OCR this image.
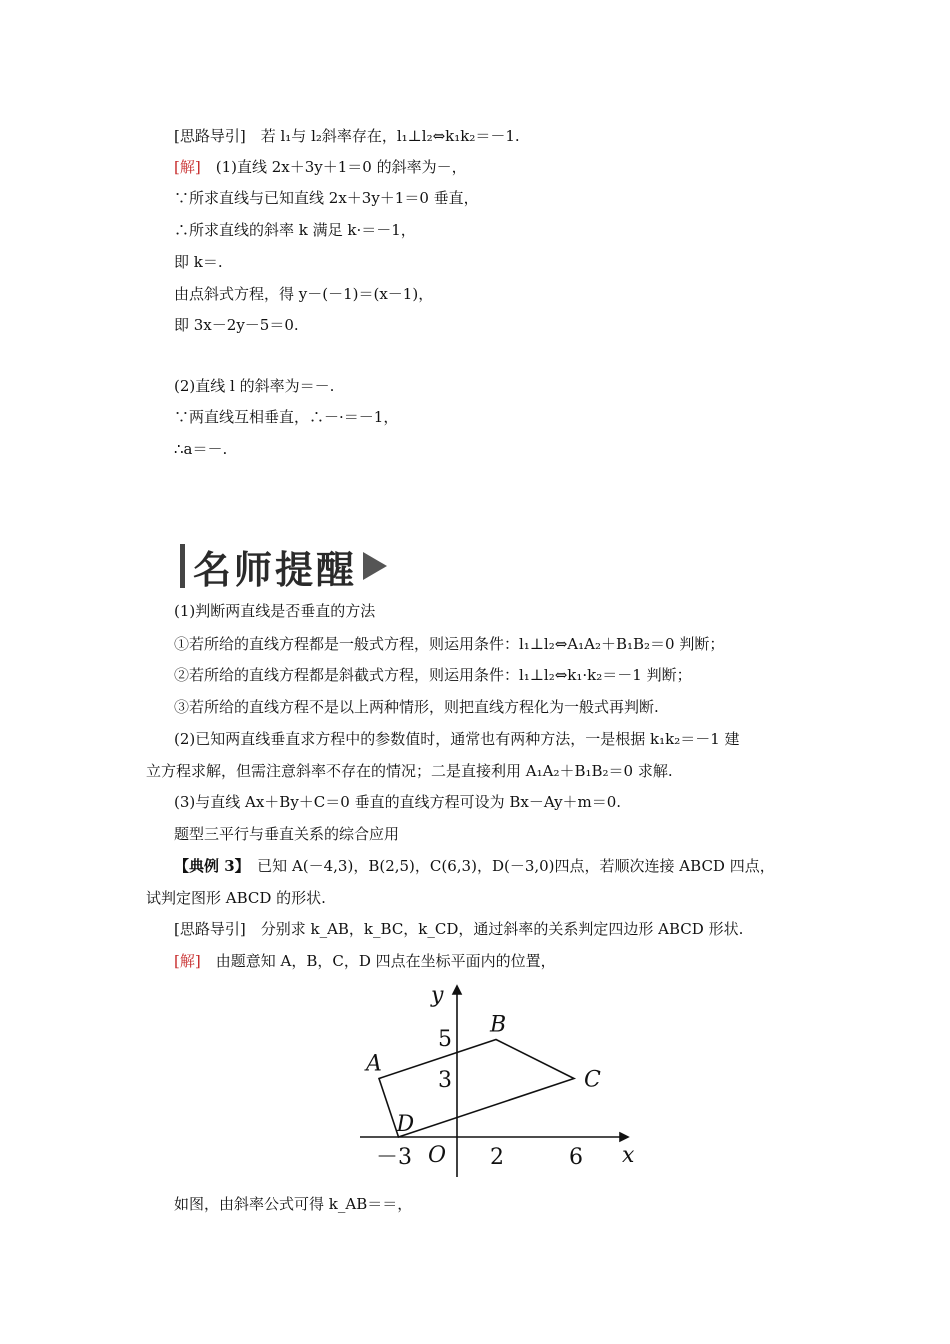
[思路导引]　若 l₁与 l₂斜率存在，l₁⊥l₂⇔k₁k₂＝－1.
[解]　(1)直线 2x＋3y＋1＝0 的斜率为－，
∵所求直线与已知直线 2x＋3y＋1＝0 垂直，
∴所求直线的斜率 k 满足 k·＝－1，
即 k＝.
由点斜式方程，得 y－(－1)＝(x－1)，
即 3x－2y－5＝0.
(2)直线 l 的斜率为＝－.
∵两直线互相垂直，∴－·＝－1，
∴a＝－.
名师提醒
(1)判断两直线是否垂直的方法
①若所给的直线方程都是一般式方程，则运用条件：l₁⊥l₂⇔A₁A₂＋B₁B₂＝0 判断；
②若所给的直线方程都是斜截式方程，则运用条件：l₁⊥l₂⇔k₁·k₂＝－1 判断；
③若所给的直线方程不是以上两种情形，则把直线方程化为一般式再判断.
(2)已知两直线垂直求方程中的参数值时，通常也有两种方法，一是根据 k₁k₂＝－1 建
立方程求解，但需注意斜率不存在的情况；二是直接利用 A₁A₂＋B₁B₂＝0 求解.
(3)与直线 Ax＋By＋C＝0 垂直的直线方程可设为 Bx－Ay＋m＝0.
题型三平行与垂直关系的综合应用
【典例 3】　已知 A(－4,3)，B(2,5)，C(6,3)，D(－3,0)四点，若顺次连接 ABCD 四点，
试判定图形 ABCD 的形状.
[思路导引]　分别求 k_AB，k_BC，k_CD，通过斜率的关系判定四边形 ABCD 形状.
[解]　由题意知 A，B，C，D 四点在坐标平面内的位置，
如图，由斜率公式可得 k_AB＝＝，
x
y
O
－3	2	6
5
3
A
B
C
D
